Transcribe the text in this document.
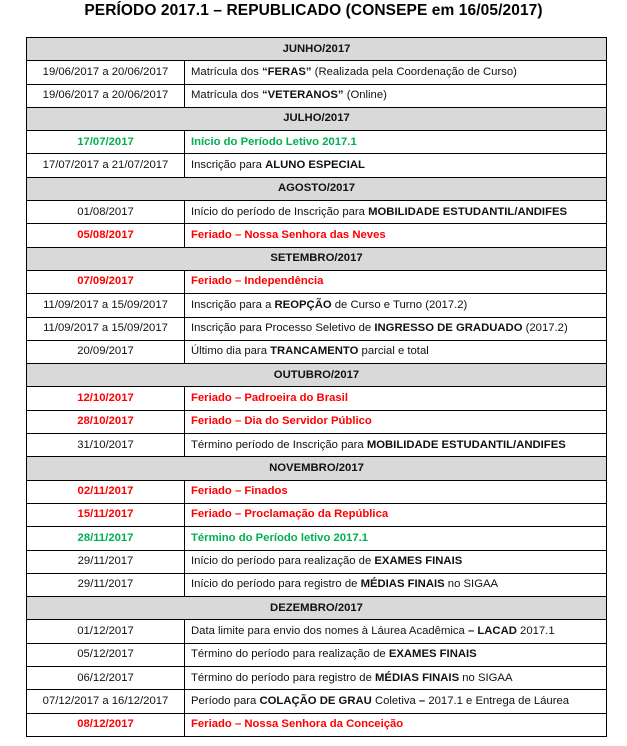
PERÍODO 2017.1 – REPUBLICADO (CONSEPE em 16/05/2017)
JUNHO/2017	
19/06/2017 a 20/06/2017	Matrícula dos “FERAS” (Realizada pela Coordenação de Curso)
19/06/2017 a 20/06/2017	Matrícula dos “VETERANOS” (Online)
JULHO/2017	
17/07/2017	Início do Período Letivo 2017.1
17/07/2017 a 21/07/2017	Inscrição para ALUNO ESPECIAL
AGOSTO/2017	
01/08/2017	Início do período de Inscrição para MOBILIDADE ESTUDANTIL/ANDIFES
05/08/2017	Feriado – Nossa Senhora das Neves
SETEMBRO/2017	
07/09/2017	Feriado – Independência
11/09/2017 a 15/09/2017	Inscrição para a REOPÇÃO de Curso e Turno (2017.2)
11/09/2017 a 15/09/2017	Inscrição para Processo Seletivo de INGRESSO DE GRADUADO (2017.2)
20/09/2017	Último dia para TRANCAMENTO parcial e total
OUTUBRO/2017	
12/10/2017	Feriado – Padroeira do Brasil
28/10/2017	Feriado – Dia do Servidor Público
31/10/2017	Término período de Inscrição para MOBILIDADE ESTUDANTIL/ANDIFES
NOVEMBRO/2017	
02/11/2017	Feriado – Finados
15/11/2017	Feriado – Proclamação da República
28/11/2017	Término do Período letivo 2017.1
29/11/2017	Início do período para realização de EXAMES FINAIS
29/11/2017	Início do período para registro de MÉDIAS FINAIS no SIGAA
DEZEMBRO/2017	
01/12/2017	Data limite para envio dos nomes à Láurea Acadêmica – LACAD 2017.1
05/12/2017	Término do período para realização de EXAMES FINAIS
06/12/2017	Término do período para registro de MÉDIAS FINAIS no SIGAA
07/12/2017 a 16/12/2017	Período para COLAÇÃO DE GRAU Coletiva – 2017.1 e Entrega de Láurea
08/12/2017	Feriado – Nossa Senhora da Conceição
